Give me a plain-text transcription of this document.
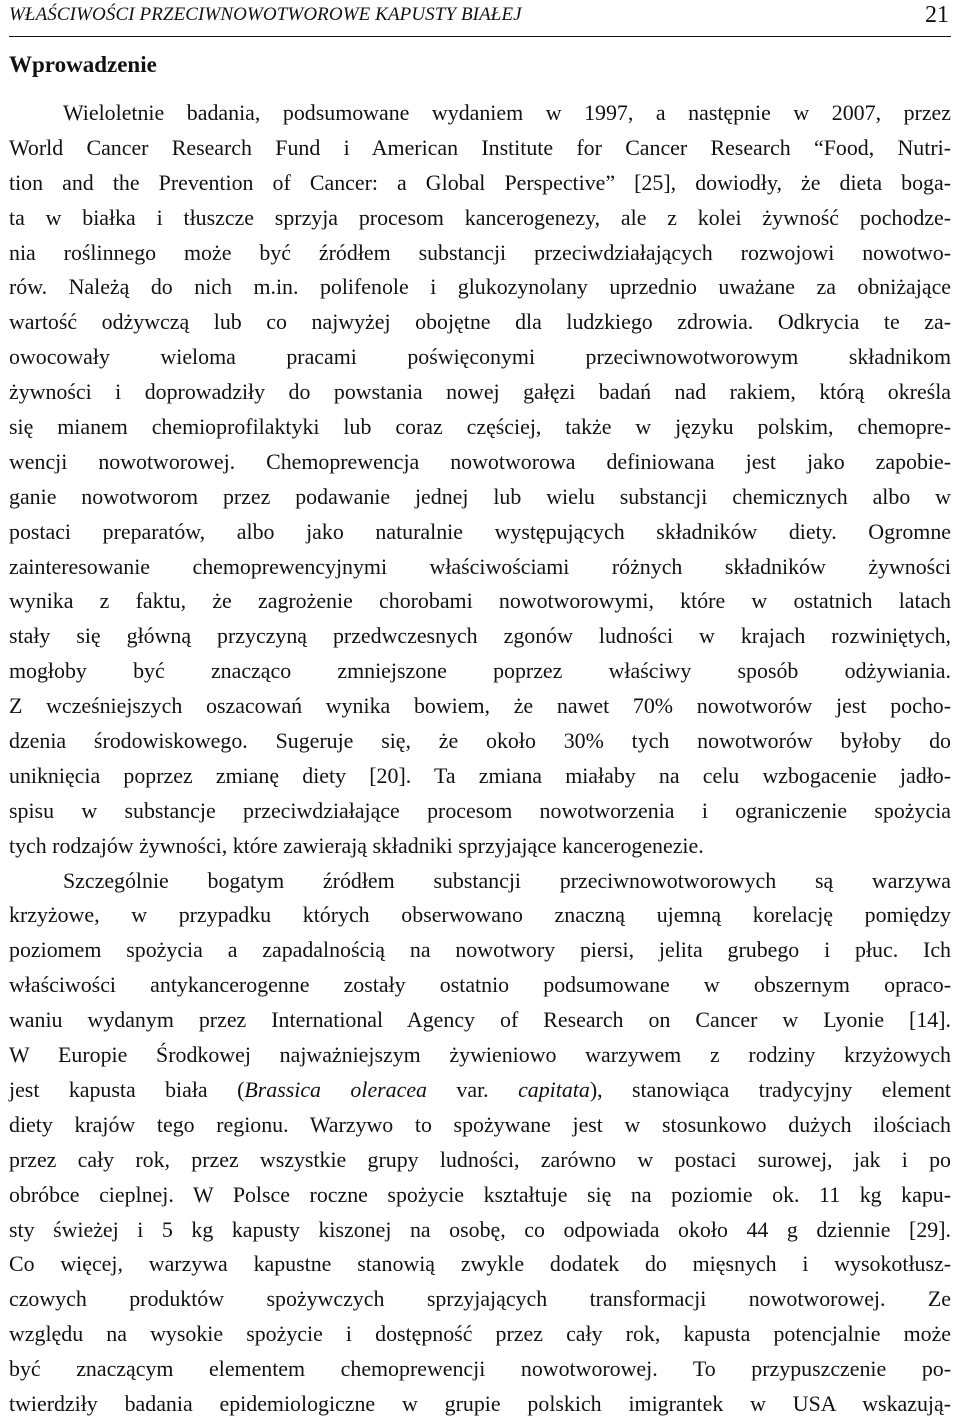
WŁAŚCIWOŚCI PRZECIWNOWOTWOROWE KAPUSTY BIAŁEJ	21
Wprowadzenie
Wieloletnie badania, podsumowane wydaniem w 1997, a następnie w 2007, przez
World Cancer Research Fund i American Institute for Cancer Research “Food, Nutri-
tion and the Prevention of Cancer: a Global Perspective” [25], dowiodły, że dieta boga-
ta w białka i tłuszcze sprzyja procesom kancerogenezy, ale z kolei żywność pochodze-
nia roślinnego może być źródłem substancji przeciwdziałających rozwojowi nowotwo-
rów. Należą do nich m.in. polifenole i glukozynolany uprzednio uważane za obniżające
wartość odżywczą lub co najwyżej obojętne dla ludzkiego zdrowia. Odkrycia te za-
owocowały wieloma pracami poświęconymi przeciwnowotworowym składnikom
żywności i doprowadziły do powstania nowej gałęzi badań nad rakiem, którą określa
się mianem chemioprofilaktyki lub coraz częściej, także w języku polskim, chemopre-
wencji nowotworowej. Chemoprewencja nowotworowa definiowana jest jako zapobie-
ganie nowotworom przez podawanie jednej lub wielu substancji chemicznych albo w
postaci preparatów, albo jako naturalnie występujących składników diety. Ogromne
zainteresowanie chemoprewencyjnymi właściwościami różnych składników żywności
wynika z faktu, że zagrożenie chorobami nowotworowymi, które w ostatnich latach
stały się główną przyczyną przedwczesnych zgonów ludności w krajach rozwiniętych,
mogłoby być znacząco zmniejszone poprzez właściwy sposób odżywiania.
Z wcześniejszych oszacowań wynika bowiem, że nawet 70% nowotworów jest pocho-
dzenia środowiskowego. Sugeruje się, że około 30% tych nowotworów byłoby do
uniknięcia poprzez zmianę diety [20]. Ta zmiana miałaby na celu wzbogacenie jadło-
spisu w substancje przeciwdziałające procesom nowotworzenia i ograniczenie spożycia
tych rodzajów żywności, które zawierają składniki sprzyjające kancerogenezie.
Szczególnie bogatym źródłem substancji przeciwnowotworowych są warzywa
krzyżowe, w przypadku których obserwowano znaczną ujemną korelację pomiędzy
poziomem spożycia a zapadalnością na nowotwory piersi, jelita grubego i płuc. Ich
właściwości antykancerogenne zostały ostatnio podsumowane w obszernym opraco-
waniu wydanym przez International Agency of Research on Cancer w Lyonie [14].
W Europie Środkowej najważniejszym żywieniowo warzywem z rodziny krzyżowych
jest kapusta biała (Brassica oleracea var. capitata), stanowiąca tradycyjny element
diety krajów tego regionu. Warzywo to spożywane jest w stosunkowo dużych ilościach
przez cały rok, przez wszystkie grupy ludności, zarówno w postaci surowej, jak i po
obróbce cieplnej. W Polsce roczne spożycie kształtuje się na poziomie ok. 11 kg kapu-
sty świeżej i 5 kg kapusty kiszonej na osobę, co odpowiada około 44 g dziennie [29].
Co więcej, warzywa kapustne stanowią zwykle dodatek do mięsnych i wysokotłusz-
czowych produktów spożywczych sprzyjających transformacji nowotworowej. Ze
względu na wysokie spożycie i dostępność przez cały rok, kapusta potencjalnie może
być znaczącym elementem chemoprewencji nowotworowej. To przypuszczenie po-
twierdziły badania epidemiologiczne w grupie polskich imigrantek w USA wskazują-
